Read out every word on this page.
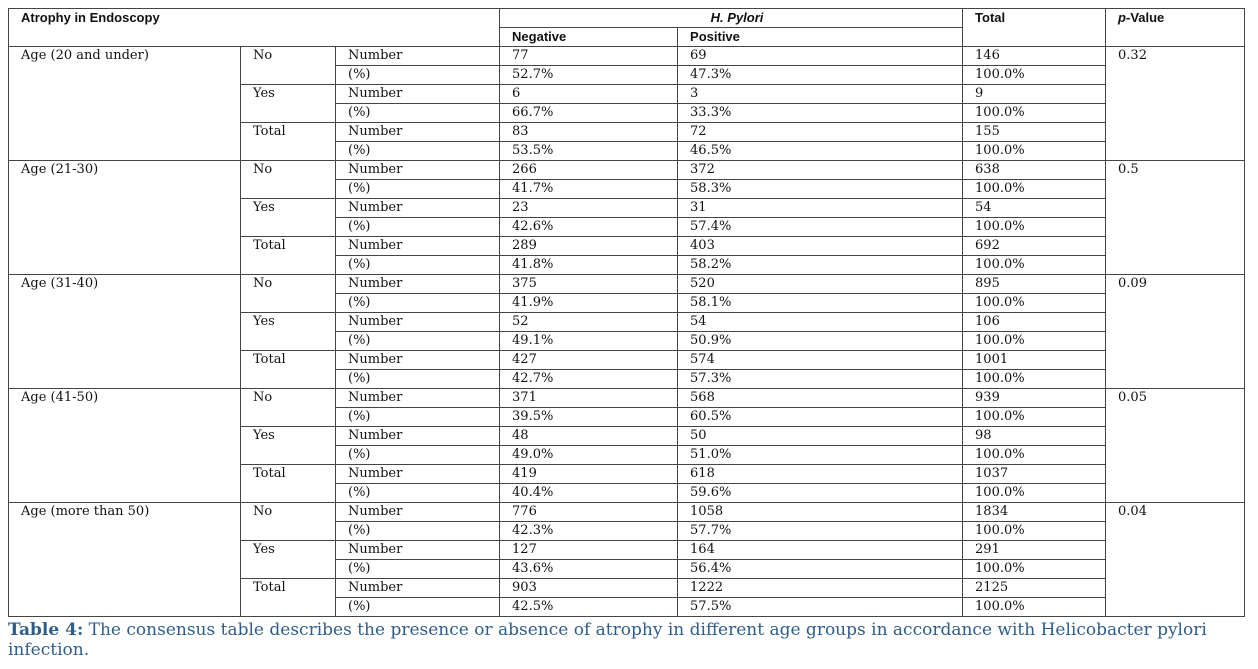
Atrophy in Endoscopy			H. Pylori		Total	p-Value
			Negative	Positive		
Age (20 and under)	No	Number	77	69	146	0.32
		(%)	52.7%	47.3%	100.0%	
	Yes	Number	6	3	9	
		(%)	66.7%	33.3%	100.0%	
	Total	Number	83	72	155	
		(%)	53.5%	46.5%	100.0%	
Age (21-30)	No	Number	266	372	638	0.5
		(%)	41.7%	58.3%	100.0%	
	Yes	Number	23	31	54	
		(%)	42.6%	57.4%	100.0%	
	Total	Number	289	403	692	
		(%)	41.8%	58.2%	100.0%	
Age (31-40)	No	Number	375	520	895	0.09
		(%)	41.9%	58.1%	100.0%	
	Yes	Number	52	54	106	
		(%)	49.1%	50.9%	100.0%	
	Total	Number	427	574	1001	
		(%)	42.7%	57.3%	100.0%	
Age (41-50)	No	Number	371	568	939	0.05
		(%)	39.5%	60.5%	100.0%	
	Yes	Number	48	50	98	
		(%)	49.0%	51.0%	100.0%	
	Total	Number	419	618	1037	
		(%)	40.4%	59.6%	100.0%	
Age (more than 50)	No	Number	776	1058	1834	0.04
		(%)	42.3%	57.7%	100.0%	
	Yes	Number	127	164	291	
		(%)	43.6%	56.4%	100.0%	
	Total	Number	903	1222	2125	
		(%)	42.5%	57.5%	100.0%	
Table 4: The consensus table describes the presence or absence of atrophy in different age groups in accordance with Helicobacter pylori infection.
